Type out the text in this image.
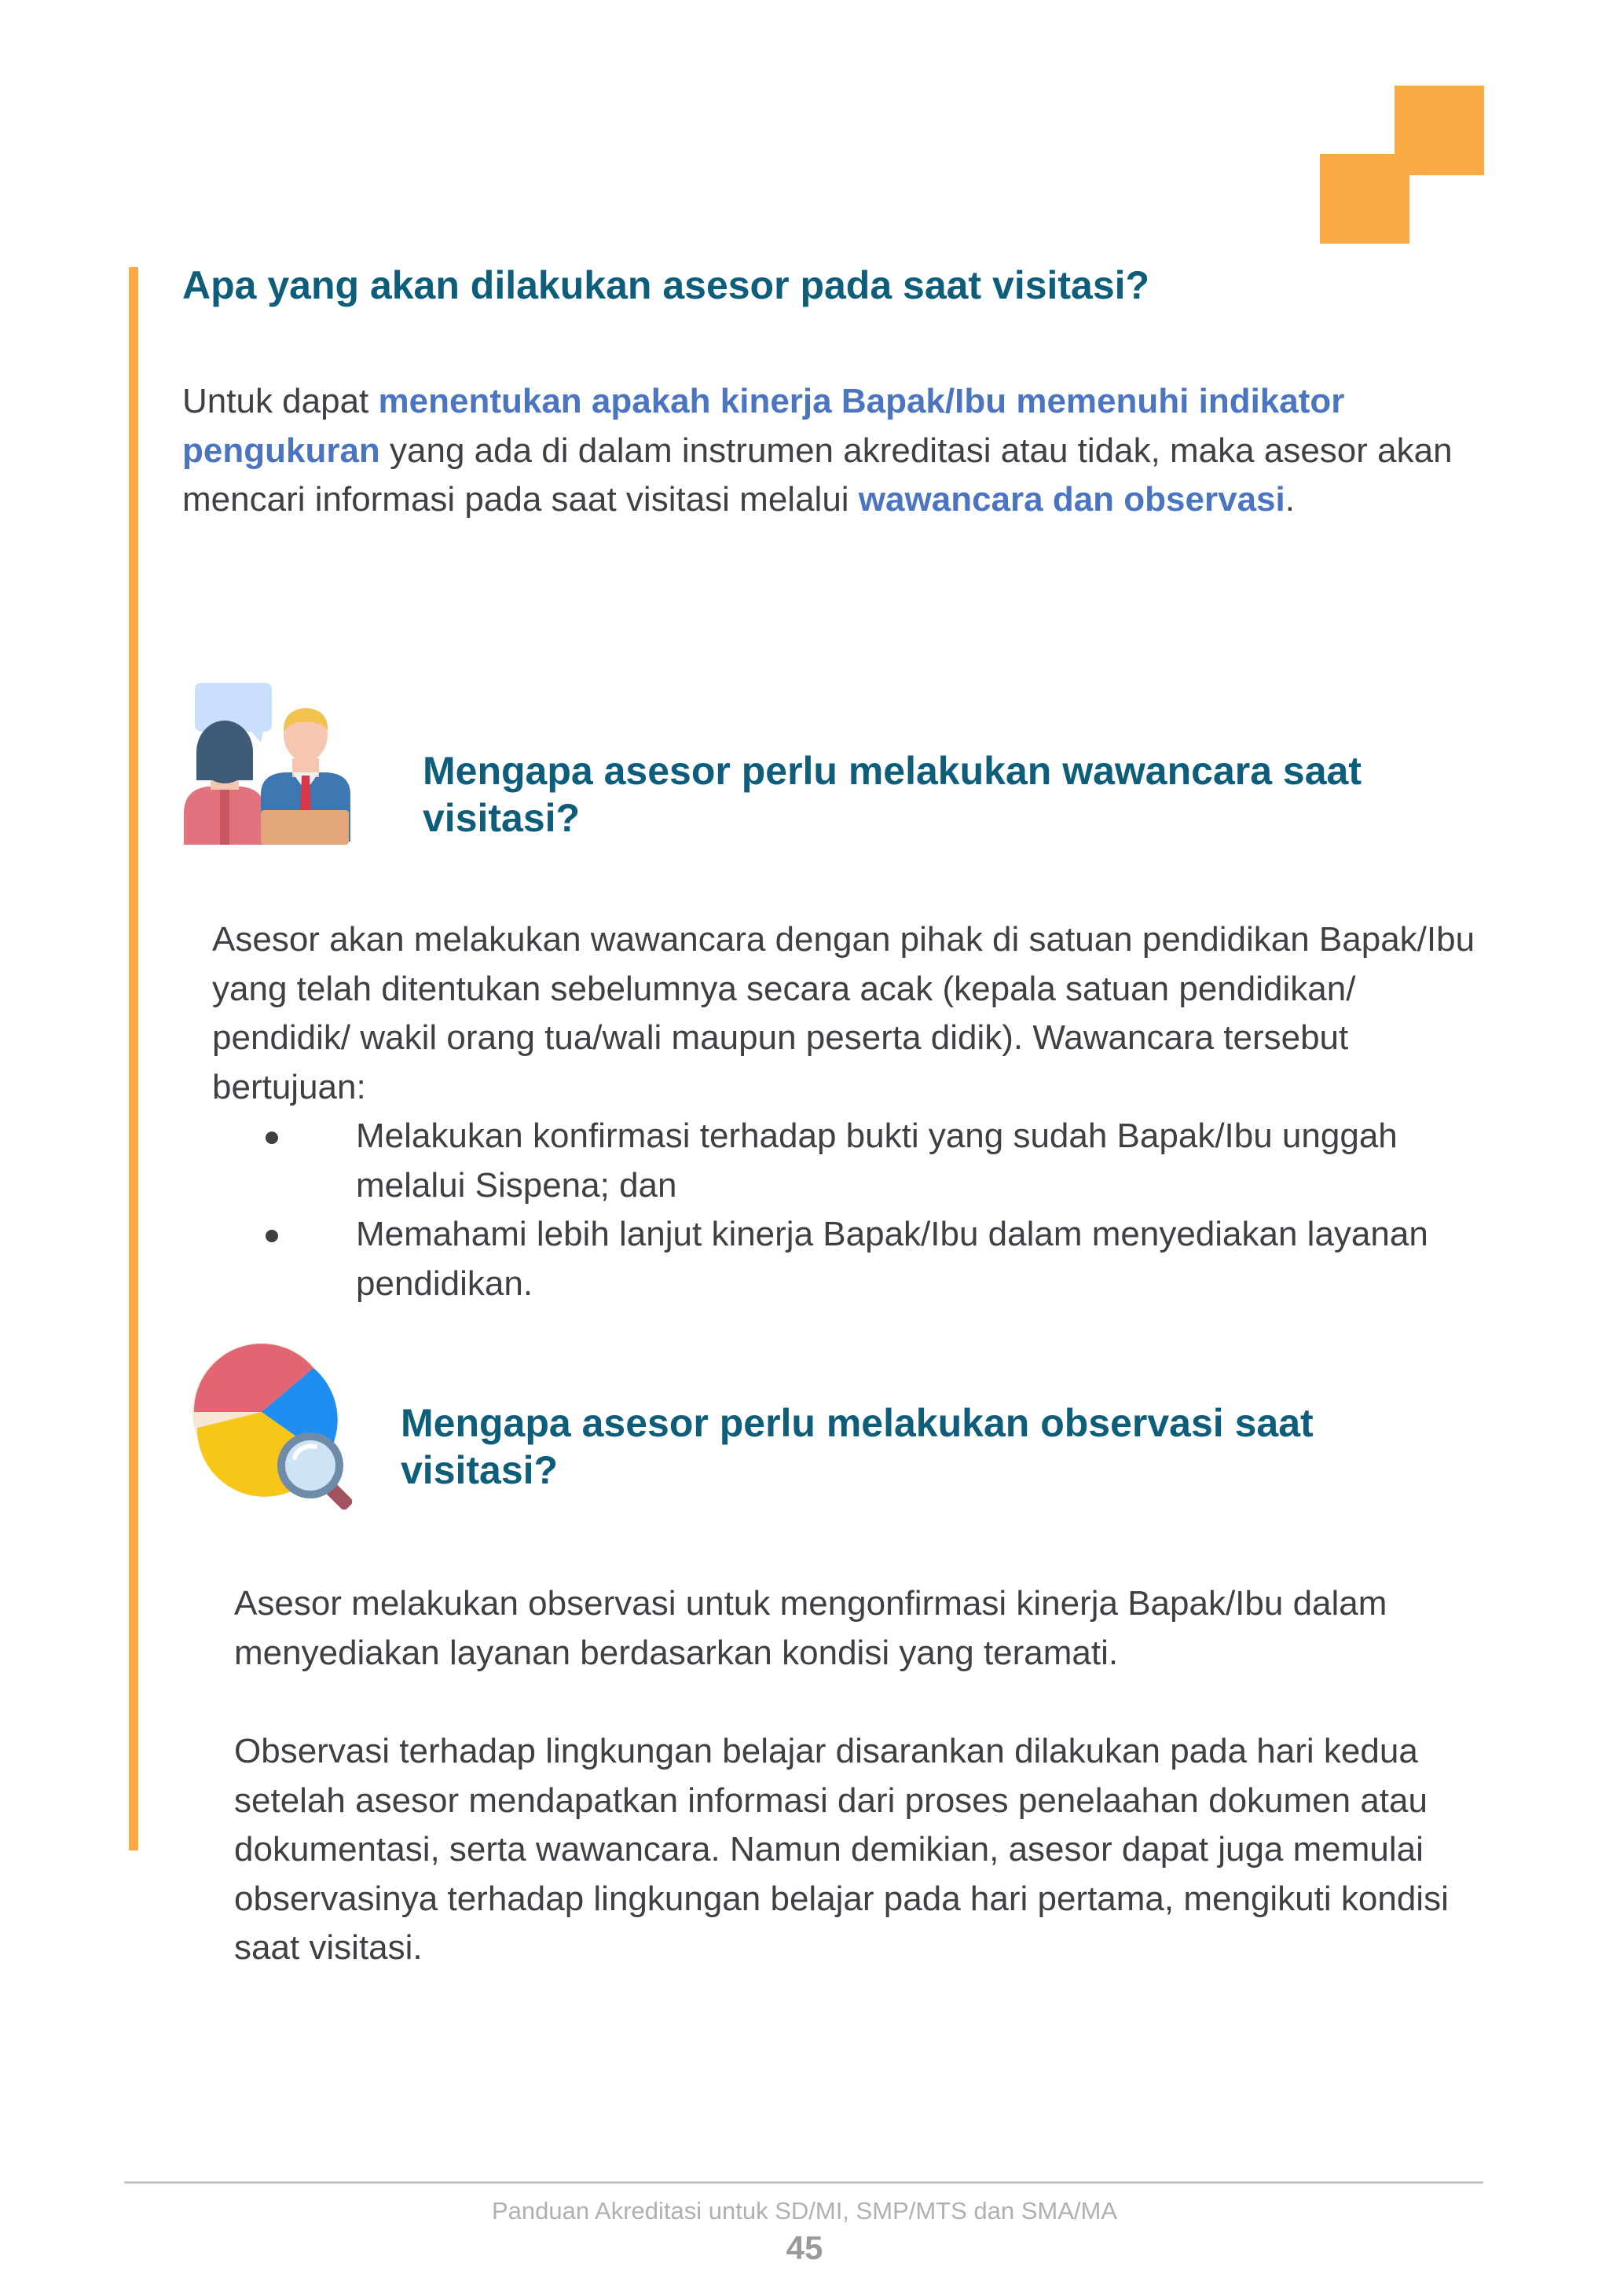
Apa yang akan dilakukan asesor pada saat visitasi?

Untuk dapat menentukan apakah kinerja Bapak/Ibu memenuhi indikator pengukuran yang ada di dalam instrumen akreditasi atau tidak, maka asesor akan mencari informasi pada saat visitasi melalui wawancara dan observasi.

Mengapa asesor perlu melakukan wawancara saat visitasi?

Asesor akan melakukan wawancara dengan pihak di satuan pendidikan Bapak/Ibu yang telah ditentukan sebelumnya secara acak (kepala satuan pendidikan/ pendidik/ wakil orang tua/wali maupun peserta didik). Wawancara tersebut bertujuan:

Melakukan konfirmasi terhadap bukti yang sudah Bapak/Ibu unggah melalui Sispena; dan
Memahami lebih lanjut kinerja Bapak/Ibu dalam menyediakan layanan pendidikan.
Mengapa asesor perlu melakukan observasi saat visitasi?

Asesor melakukan observasi untuk mengonfirmasi kinerja Bapak/Ibu dalam menyediakan layanan berdasarkan kondisi yang teramati.

Observasi terhadap lingkungan belajar disarankan dilakukan pada hari kedua setelah asesor mendapatkan informasi dari proses penelaahan dokumen atau dokumentasi, serta wawancara. Namun demikian, asesor dapat juga memulai observasinya terhadap lingkungan belajar pada hari pertama, mengikuti kondisi saat visitasi.

Panduan Akreditasi untuk SD/MI, SMP/MTS dan SMA/MA
45
